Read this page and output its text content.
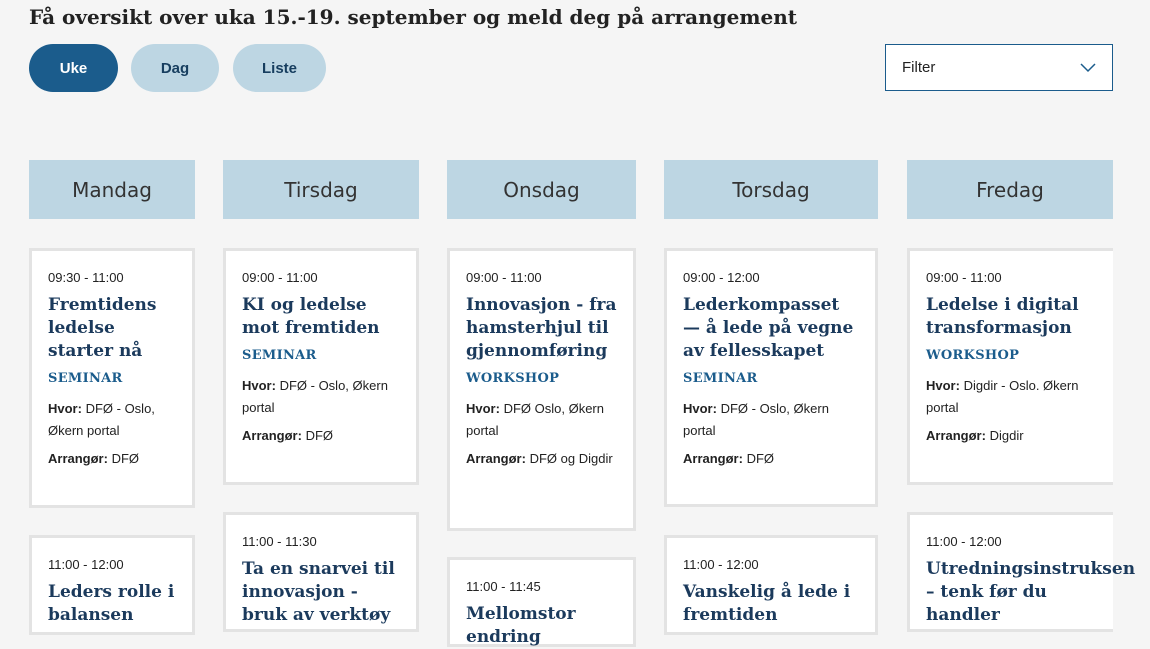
Få oversikt over uka 15.-19. september og meld deg på arrangement
Uke	Dag	Liste	Filter
Mandag	Tirsdag	Onsdag	Torsdag	Fredag
09:30 - 11:00
Fremtidens ledelse starter nå
SEMINAR
Hvor: DFØ - Oslo, Økern portal
Arrangør: DFØ
11:00 - 12:00
Leders rolle i balansen
09:00 - 11:00
KI og ledelse mot fremtiden
SEMINAR
Hvor: DFØ - Oslo, Økern portal
Arrangør: DFØ
11:00 - 11:30
Ta en snarvei til innovasjon - bruk av verktøy
09:00 - 11:00
Innovasjon - fra hamsterhjul til gjennomføring
WORKSHOP
Hvor: DFØ Oslo, Økern portal
Arrangør: DFØ og Digdir
11:00 - 11:45
Mellomstor endring
09:00 - 12:00
Lederkompasset — å lede på vegne av fellesskapet
SEMINAR
Hvor: DFØ - Oslo, Økern portal
Arrangør: DFØ
11:00 - 12:00
Vanskelig å lede i fremtiden
09:00 - 11:00
Ledelse i digital transformasjon
WORKSHOP
Hvor: Digdir - Oslo. Økern portal
Arrangør: Digdir
11:00 - 12:00
Utredningsinstruksen – tenk før du handler
